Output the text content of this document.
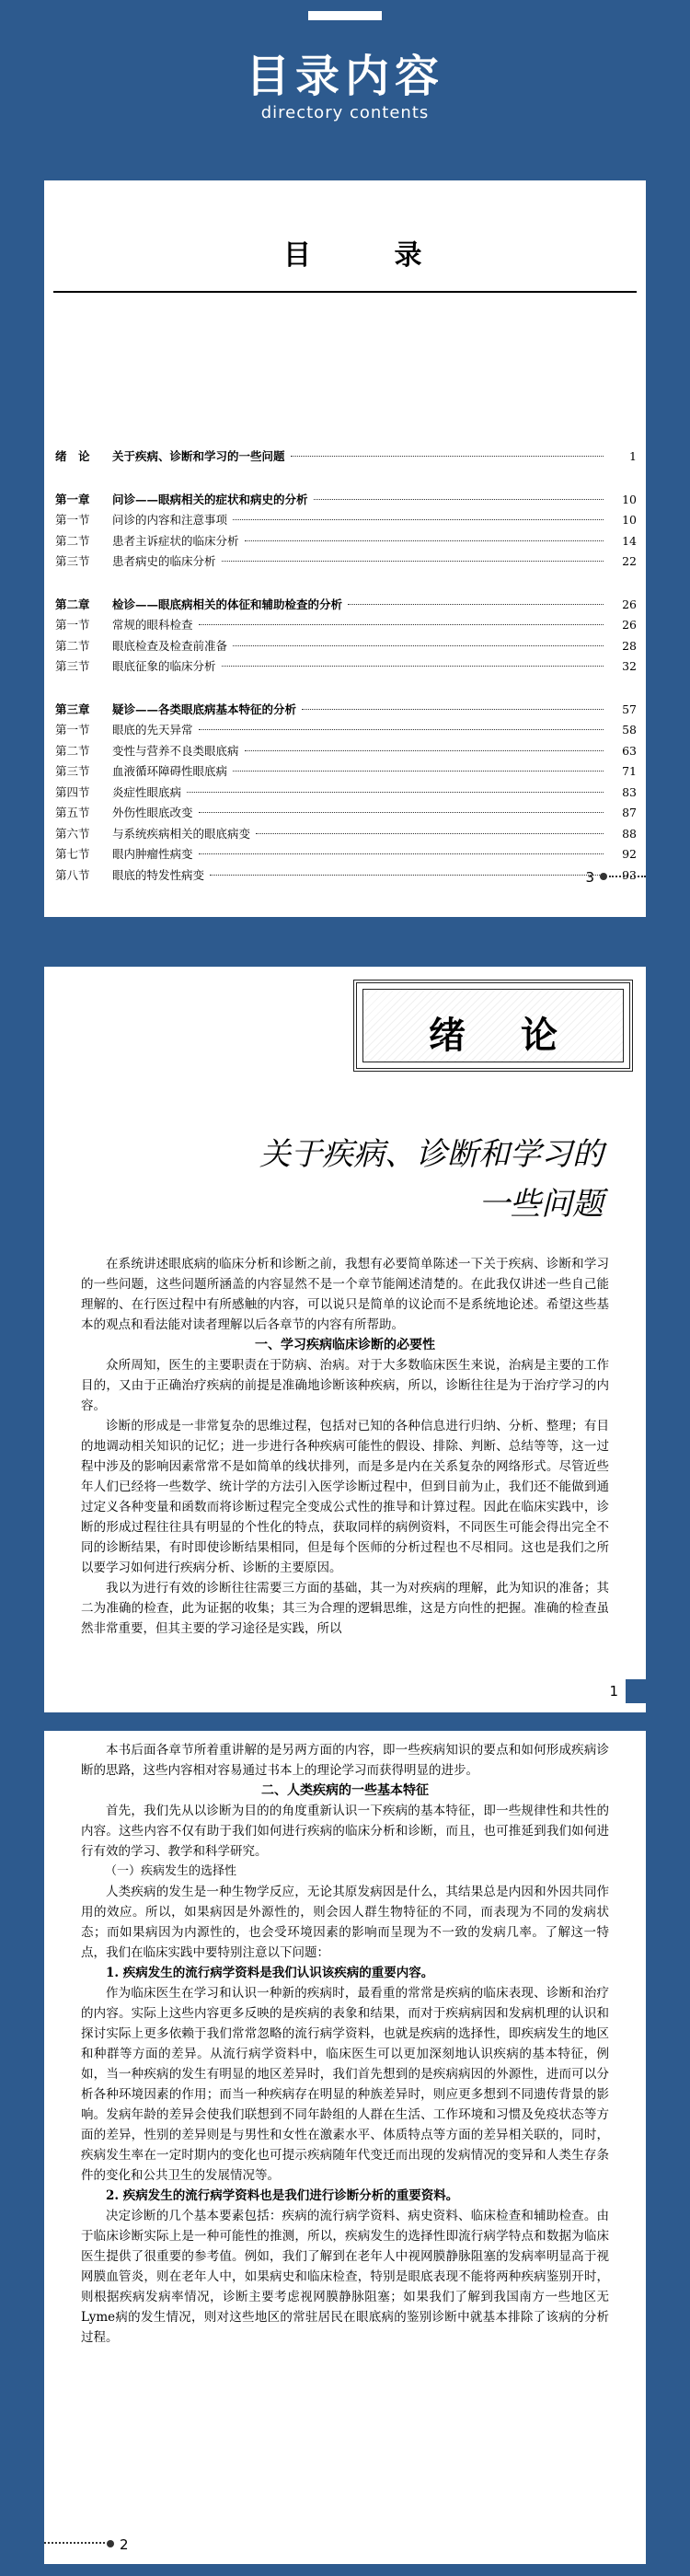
目录内容
directory contents
目 录
绪　论	关于疾病、诊断和学习的一些问题	1
第一章	问诊——眼病相关的症状和病史的分析	10
第一节	问诊的内容和注意事项	10
第二节	患者主诉症状的临床分析	14
第三节	患者病史的临床分析	22
第二章	检诊——眼底病相关的体征和辅助检查的分析	26
第一节	常规的眼科检查	26
第二节	眼底检查及检查前准备	28
第三节	眼底征象的临床分析	32
第三章	疑诊——各类眼底病基本特征的分析	57
第一节	眼底的先天异常	58
第二节	变性与营养不良类眼底病	63
第三节	血液循环障碍性眼底病	71
第四节	炎症性眼底病	83
第五节	外伤性眼底改变	87
第六节	与系统疾病相关的眼底病变	88
第七节	眼内肿瘤性病变	92
第八节	眼底的特发性病变	93
3
绪论
关于疾病、诊断和学习的
一些问题

在系统讲述眼底病的临床分析和诊断之前，我想有必要简单陈述一下关于疾病、诊断和学习的一些问题，这些问题所涵盖的内容显然不是一个章节能阐述清楚的。在此我仅讲述一些自己能理解的、在行医过程中有所感触的内容，可以说只是简单的议论而不是系统地论述。希望这些基本的观点和看法能对读者理解以后各章节的内容有所帮助。

一、学习疾病临床诊断的必要性

众所周知，医生的主要职责在于防病、治病。对于大多数临床医生来说，治病是主要的工作目的，又由于正确治疗疾病的前提是准确地诊断该种疾病，所以，诊断往往是为于治疗学习的内容。

诊断的形成是一非常复杂的思维过程，包括对已知的各种信息进行归纳、分析、整理；有目的地调动相关知识的记忆；进一步进行各种疾病可能性的假设、排除、判断、总结等等，这一过程中涉及的影响因素常常不是如简单的线状排列，而是多是内在关系复杂的网络形式。尽管近些年人们已经将一些数学、统计学的方法引入医学诊断过程中，但到目前为止，我们还不能做到通过定义各种变量和函数而将诊断过程完全变成公式性的推导和计算过程。因此在临床实践中，诊断的形成过程往往具有明显的个性化的特点，获取同样的病例资料，不同医生可能会得出完全不同的诊断结果，有时即使诊断结果相同，但是每个医师的分析过程也不尽相同。这也是我们之所以要学习如何进行疾病分析、诊断的主要原因。

我以为进行有效的诊断往往需要三方面的基础，其一为对疾病的理解，此为知识的准备；其二为准确的检查，此为证据的收集；其三为合理的逻辑思维，这是方向性的把握。准确的检查虽然非常重要，但其主要的学习途径是实践，所以

1

本书后面各章节所着重讲解的是另两方面的内容，即一些疾病知识的要点和如何形成疾病诊断的思路，这些内容相对容易通过书本上的理论学习而获得明显的进步。

二、人类疾病的一些基本特征

首先，我们先从以诊断为目的的角度重新认识一下疾病的基本特征，即一些规律性和共性的内容。这些内容不仅有助于我们如何进行疾病的临床分析和诊断，而且，也可推延到我们如何进行有效的学习、教学和科学研究。

（一）疾病发生的选择性

人类疾病的发生是一种生物学反应，无论其原发病因是什么，其结果总是内因和外因共同作用的效应。所以，如果病因是外源性的，则会因人群生物特征的不同，而表现为不同的发病状态；而如果病因为内源性的，也会受环境因素的影响而呈现为不一致的发病几率。了解这一特点，我们在临床实践中要特别注意以下问题：

1. 疾病发生的流行病学资料是我们认识该疾病的重要内容。

作为临床医生在学习和认识一种新的疾病时，最看重的常常是疾病的临床表现、诊断和治疗的内容。实际上这些内容更多反映的是疾病的表象和结果，而对于疾病病因和发病机理的认识和探讨实际上更多依赖于我们常常忽略的流行病学资料，也就是疾病的选择性，即疾病发生的地区和种群等方面的差异。从流行病学资料中，临床医生可以更加深刻地认识疾病的基本特征，例如，当一种疾病的发生有明显的地区差异时，我们首先想到的是疾病病因的外源性，进而可以分析各种环境因素的作用；而当一种疾病存在明显的种族差异时，则应更多想到不同遗传背景的影响。发病年龄的差异会使我们联想到不同年龄组的人群在生活、工作环境和习惯及免疫状态等方面的差异，性别的差异则是与男性和女性在激素水平、体质特点等方面的差异相关联的，同时，疾病发生率在一定时期内的变化也可提示疾病随年代变迁而出现的发病情况的变异和人类生存条件的变化和公共卫生的发展情况等。

2. 疾病发生的流行病学资料也是我们进行诊断分析的重要资料。

决定诊断的几个基本要素包括：疾病的流行病学资料、病史资料、临床检查和辅助检查。由于临床诊断实际上是一种可能性的推测，所以，疾病发生的选择性即流行病学特点和数据为临床医生提供了很重要的参考值。例如，我们了解到在老年人中视网膜静脉阻塞的发病率明显高于视网膜血管炎，则在老年人中，如果病史和临床检查，特别是眼底表现不能将两种疾病鉴别开时，则根据疾病发病率情况，诊断主要考虑视网膜静脉阻塞；如果我们了解到我国南方一些地区无Lyme病的发生情况，则对这些地区的常驻居民在眼底病的鉴别诊断中就基本排除了该病的分析过程。

2
